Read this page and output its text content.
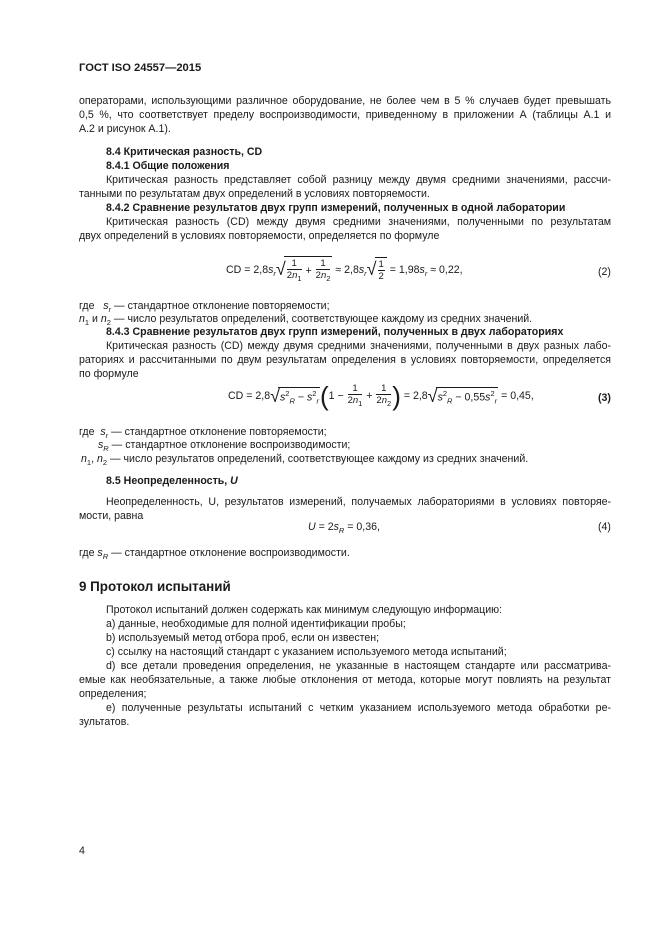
ГОСТ ISO 24557—2015
операторами, использующими различное оборудование, не более чем в 5 % случаев будет превышать
0,5 %, что соответствует пределу воспроизводимости, приведенному в приложении А (таблицы А.1 и
А.2 и рисунок А.1).
8.4 Критическая разность, CD
8.4.1 Общие положения
Критическая разность представляет собой разницу между двумя средними значениями, рассчи-
танными по результатам двух определений в условиях повторяемости.
8.4.2 Сравнение результатов двух групп измерений, полученных в одной лаборатории
Критическая разность (CD) между двумя средними значениями, полученными по результатам
двух определений в условиях повторяемости, определяется по формуле
CD = $2,8s_r√ \frac{1}{2n_1} + \frac{1}{2n_2} \approx 2,8s_r√ \frac{1}{2} = 1,98s_r \approx 0,22$,	(2)
где   $s_r$ — стандартное отклонение повторяемости;
$n_1$ и $n_2$ — число результатов определений, соответствующее каждому из средних значений.
8.4.3 Сравнение результатов двух групп измерений, полученных в двух лабораториях
Критическая разность (CD) между двумя средними значениями, полученными в двух разных лабо-
раториях и рассчитанными по двум результатам определения в условиях повторяемости, определяется
по формуле
CD = $2,8√s^2_R - s^2_r(1 - \frac{1}{2n_1} + \frac{1}{2n_2}$ ) = $2,8√s^2_R - 0,55s^2_r = 0,45$,	(3)
где  $s_r$ — стандартное отклонение повторяемости;
$s_R$ — стандартное отклонение воспроизводимости;
$n_1$, $n_2$ — число результатов определений, соответствующее каждому из средних значений.
8.5 Неопределенность, U
Неопределенность, U, результатов измерений, получаемых лабораториями в условиях повторяе-
мости, равна
$U = 2s_R = 0,36$,	(4)
где $s_R$ — стандартное отклонение воспроизводимости.
9 Протокол испытаний
Протокол испытаний должен содержать как минимум следующую информацию:
а) данные, необходимые для полной идентификации пробы;
b) используемый метод отбора проб, если он известен;
c) ссылку на настоящий стандарт с указанием используемого метода испытаний;
d) все детали проведения определения, не указанные в настоящем стандарте или рассматрива-
емые как необязательные, а также любые отклонения от метода, которые могут повлиять на результат
определения;
e) полученные результаты испытаний с четким указанием используемого метода обработки ре-
зультатов.
4
